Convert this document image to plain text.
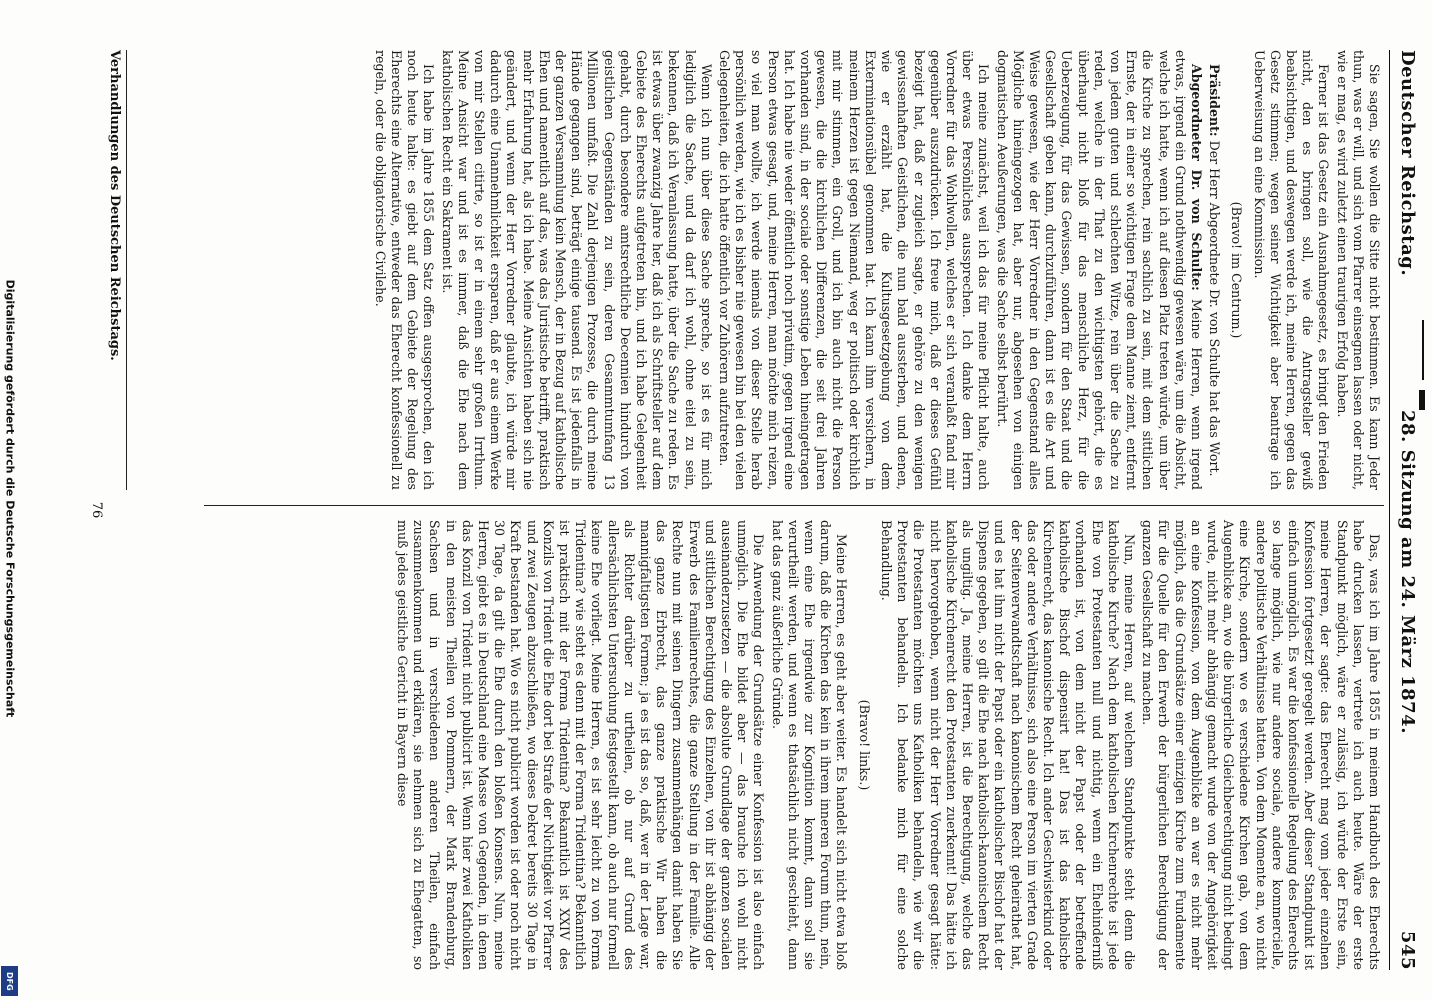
Digitalisierung gefördert durch die Deutsche Forschungsgemeinschaft
DFG
Deutscher Reichstag.
28. Sitzung am 24. März 1874.
545

Sie sagen, Sie wollen die Sitte nicht bestimmen. Es kann Jeder thun, was er will, und sich vom Pfarrer einsegnen lassen oder nicht, wie er mag, es wird zuletzt einen traurigen Erfolg haben.

Ferner ist das Gesetz ein Ausnahmegesetz, es bringt den Frieden nicht, den es bringen soll, wie die Antragsteller gewiß beabsichtigen, und deswegen werde ich, meine Herren, gegen das Gesetz stimmen; wegen seiner Wichtigkeit aber beantrage ich Ueberweisung an eine Kommission.

(Bravo! im Centrum.)

Präsident: Der Herr Abgeordnete Dr. von Schulte hat das Wort.

Abgeordneter Dr. von Schulte: Meine Herren, wenn irgend etwas, irgend ein Grund nothwendig gewesen wäre, um die Absicht, welche ich hatte, wenn ich auf diesen Platz treten würde, um über die Kirche zu sprechen, rein sachlich zu sein, mit dem sittlichen Ernste, der in einer so wichtigen Frage dem Manne ziemt, entfernt von jedem guten und schlechten Witze, rein über die Sache zu reden, welche in der That zu den wichtigsten gehört, die es überhaupt nicht bloß für das menschliche Herz, für die Ueberzeugung, für das Gewissen, sondern für den Staat und die Gesellschaft geben kann, durchzuführen, dann ist es die Art und Weise gewesen, wie der Herr Vorredner in den Gegenstand alles Mögliche hineingezogen hat, aber nur, abgesehen von einigen dogmatischen Aeußerungen, was die Sache selbst berührt.

Ich meine zunächst, weil ich das für meine Pflicht halte, auch über etwas Persönliches aussprechen. Ich danke dem Herrn Vorredner für das Wohlwollen, welches er sich veranlaßt fand mir gegenüber auszudrücken. Ich freue mich, daß er dieses Gefühl bezeigt hat, daß er zugleich sagte, er gehöre zu den wenigen gewissenhaften Geistlichen, die nun bald aussterben, und denen, wie er erzählt hat, die Kultusgesetzgebung von dem Exterminationsübel genommen hat. Ich kann ihm versichern, in meinem Herzen ist gegen Niemand, weg er politisch oder kirchlich mit mir stimmen, ein Groll, und ich bin auch nicht die Person gewesen, die die kirchlichen Differenzen, die seit drei Jahren vorhanden sind, in der sociale oder sonstige Leben hineingetragen hat. Ich habe nie weder öffentlich noch privatim, gegen irgend eine Person etwas gesagt, und, meine Herren, man möchte mich reizen, so viel man wollte, ich werde niemals von dieser Stelle herab persönlich werden, wie ich es bisher nie gewesen bin bei den vielen Gelegenheiten, die ich hatte öffentlich vor Zuhörern aufzutreten.

Wenn ich nun über diese Sache spreche, so ist es für mich lediglich die Sache, und da darf ich wohl, ohne eitel zu sein, bekennen, daß ich Veranlassung hatte, über die Sache zu reden. Es ist etwas über zwanzig Jahre her, daß ich als Schriftsteller auf dem Gebiete des Eherechts aufgetreten bin, und ich habe Gelegenheit gehabt, durch besondere amtsrechtliche Decennien hindurch von geistlichen Gegenständen zu sein, deren Gesammtumfang 13 Millionen umfaßt. Die Zahl derjenigen Prozesse, die durch meine Hände gegangen sind, beträgt einige tausend. Es ist jedenfalls in der ganzen Versammlung kein Mensch, der in Bezug auf katholische Ehen und namentlich auf das, was das Juristische betrifft, praktisch mehr Erfahrung hat, als ich habe. Meine Ansichten haben sich nie geändert, und wenn der Herr Vorredner glaubte, ich würde mir dadurch eine Unannehmlichkeit ersparen, daß er aus einem Werke von mir Stellen citirte, so ist er in einem sehr großen Irrthum. Meine Ansicht war und ist es immer, daß die Ehe nach dem katholischen Recht ein Sakrament ist.

Ich habe im Jahre 1855 dem Satz offen ausgesprochen, den ich noch heute halte: es giebt auf dem Gebiete der Regelung des Eherechts eine Alternative, entweder das Eherecht konfessionell zu regeln, oder die obligatorische Civilehe.

Das, was ich im Jahre 1855 in meinem Handbuch des Eherechts habe drucken lassen, vertrete ich auch heute. Wäre der erste Standpunkt möglich, wäre er zulässig, ich würde der Erste sein, meine Herren, der sagte: das Eherecht mag vom jeder einzelnen Konfession fortgesetzt geregelt werden. Aber dieser Standpunkt ist einfach unmöglich. Es war die konfessionelle Regelung des Eherechts so lange möglich, wie nur andere sociale, andere kommercielle, andere politische Verhältnisse hatten. Von dem Momente an, wo nicht eine Kirche, sondern wo es verschiedene Kirchen gab, von dem Augenblicke an, wo die bürgerliche Gleichberechtigung nicht bedingt wurde, nicht mehr abhängig gemacht wurde von der Angehörigkeit an eine Konfession, von dem Augenblicke an war es nicht mehr möglich, das die Grundsätze einer einzigen Kirche zum Fundamente für die Quelle für den Erwerb der bürgerlichen Berechtigung der ganzen Gesellschaft zu machen.

Nun, meine Herren, auf welchem Standpunkte steht denn die katholische Kirche? Nach dem katholischen Kirchenrechte ist jede Ehe von Protestanten null und nichtig, wenn ein Ehehinderniß vorhanden ist, von dem nicht der Papst oder der betreffende katholische Bischof dispensirt hat! Das ist das katholische Kirchenrecht, das kanonische Recht. Ich ander Geschwisterkind oder das oder andere Verhältnisse, sich also eine Person im vierten Grade der Seitenverwandtschaft nach kanonischem Recht geheirathet hat, und es hat ihm nicht der Papst oder ein katholischer Bischof hat der Dispens gegeben, so gilt die Ehe nach katholisch-kanonischem Recht als ungiltig. Ja, meine Herren, ist die Berechtigung, welche das katholische Kirchenrecht den Protestanten zuerkennt! Das hätte ich nicht hervorgehoben, wenn nicht der Herr Vorredner gesagt hätte: die Protestanten möchten uns Katholiken behandeln, wie wir die Protestanten behandeln. Ich bedanke mich für eine solche Behandlung.

(Bravo! links.)

Meine Herren, es geht aber weiter. Es handelt sich nicht etwa bloß darum, daß die Kirchen das kein in ihrem inneren Forum thun, nein, wenn eine Ehe irgendwie zur Kognition kommt, dann soll sie verurtheilt werden, und wenn es thatsächlich nicht geschieht, dann hat das ganz äußerliche Gründe.

Die Anwendung der Grundsätze einer Konfession ist also einfach unmöglich. Die Ehe bildet aber — das brauche ich wohl nicht auseinanderzusetzen — die absolute Grundlage der ganzen socialen und sittlichen Berechtigung des Einzelnen, von ihr ist abhängig der Erwerb des Familienrechtes, die ganze Stellung in der Familie. Alle Rechte nun mit seinen Dingern zusammenhängen damit haben Sie das ganze Erbrecht, das ganze praktische Wir haben die mannigfaltigsten Formen; ja es ist das so, daß, wer in der Lage war, als Richter darüber zu urtheilen, ob nur auf Grund des allersächlichsten Untersuchung festgestellt kann, ob auch nur formell keine Ehe vorliegt. Meine Herren, es ist sehr leicht zu von Forma Tridentina? wie steht es denn mit der Forma Tridentina? Bekanntlich ist praktisch mit der Forma Tridentina? Bekanntlich ist XXIV des Konzils von Trident die Ehe dort bei Strafe der Nichtigkeit vor Pfarrer und zwei Zeugen abzuschließen, wo dieses Dekret bereits 30 Tage in Kraft bestanden hat. Wo es nicht publicirt worden ist oder noch nicht 30 Tage, da gilt die Ehe durch den bloßen Konsens. Nun, meine Herren, giebt es in Deutschland eine Masse von Gegenden, in denen das Konzil von Trident nicht publicirt ist. Wenn hier zwei Katholiken in den meisten Theilen von Pommern, der Mark Brandenburg, Sachsen und in verschiedenen anderen Theilen, einfach zusammenkommen und erklären, sie nehmen sich zu Ehegatten, so muß jedes geistliche Gericht in Bayern diese

Verhandlungen des Deutschen Reichstags.
76
